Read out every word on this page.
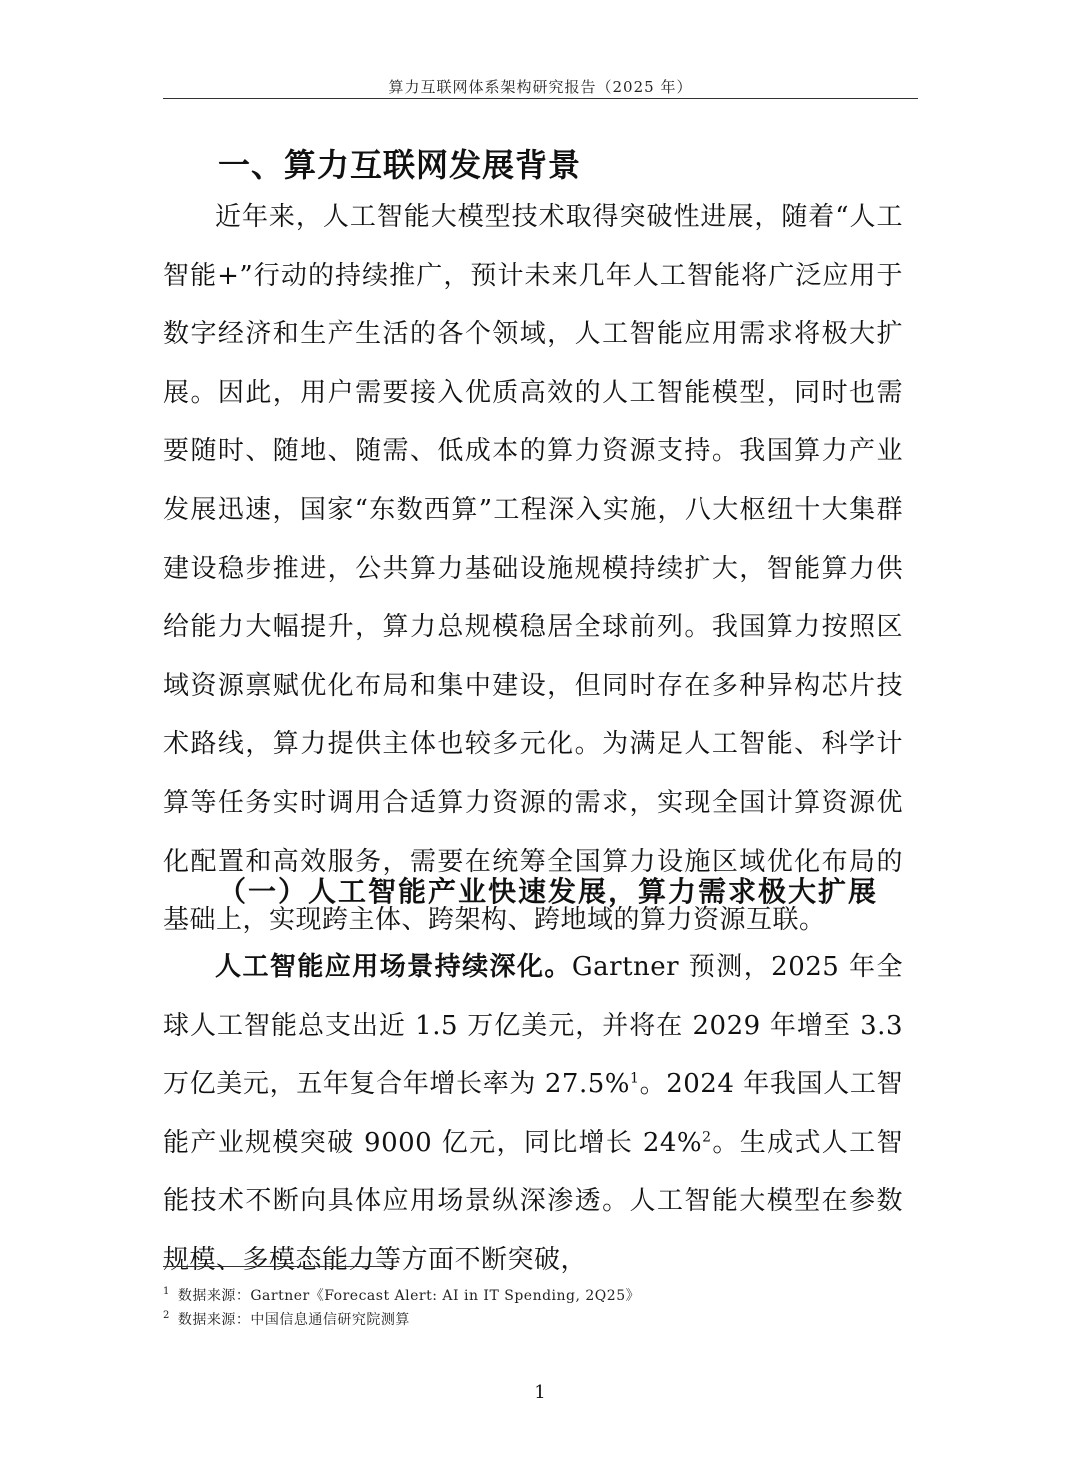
算力互联网体系架构研究报告（2025 年）
一、算力互联网发展背景

近年来，人工智能大模型技术取得突破性进展，随着“人工智能+”行动的持续推广，预计未来几年人工智能将广泛应用于数字经济和生产生活的各个领域，人工智能应用需求将极大扩展。因此，用户需要接入优质高效的人工智能模型，同时也需要随时、随地、随需、低成本的算力资源支持。我国算力产业发展迅速，国家“东数西算”工程深入实施，八大枢纽十大集群建设稳步推进，公共算力基础设施规模持续扩大，智能算力供给能力大幅提升，算力总规模稳居全球前列。我国算力按照区域资源禀赋优化布局和集中建设，但同时存在多种异构芯片技术路线，算力提供主体也较多元化。为满足人工智能、科学计算等任务实时调用合适算力资源的需求，实现全国计算资源优化配置和高效服务，需要在统筹全国算力设施区域优化布局的基础上，实现跨主体、跨架构、跨地域的算力资源互联。

（一）人工智能产业快速发展，算力需求极大扩展

人工智能应用场景持续深化。Gartner 预测，2025 年全球人工智能总支出近 1.5 万亿美元，并将在 2029 年增至 3.3 万亿美元，五年复合年增长率为 27.5%$^1$。2024 年我国人工智能产业规模突破 9000 亿元，同比增长 24%$^2$。生成式人工智能技术不断向具体应用场景纵深渗透。人工智能大模型在参数规模、多模态能力等方面不断突破，

$^1$ 数据来源：Gartner《Forecast Alert: AI in IT Spending, 2Q25》
$^2$ 数据来源：中国信息通信研究院测算
1
